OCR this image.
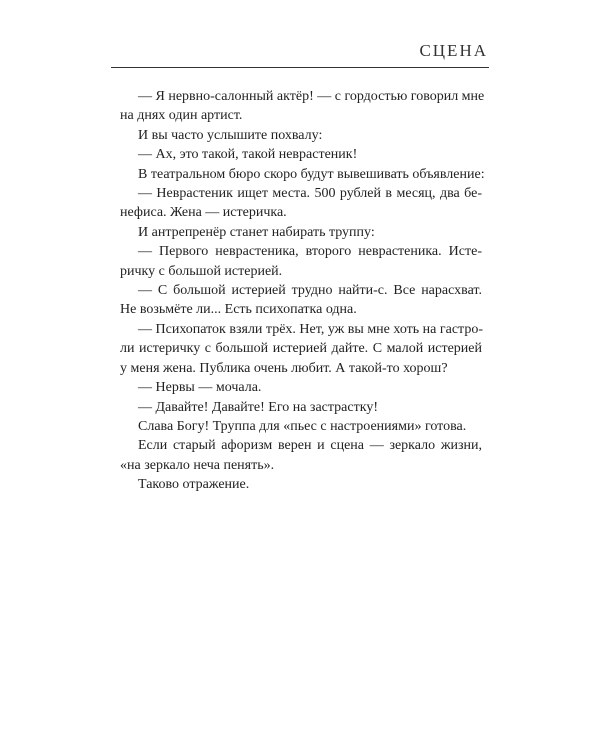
СЦЕНА
— Я нервно-салонный актёр! — с гордостью говорил мне
на днях один артист.
И вы часто услышите похвалу:
— Ах, это такой, такой неврастеник!
В театральном бюро скоро будут вывешивать объявление:
— Неврастеник ищет места. 500 рублей в месяц, два бе-
нефиса. Жена — истеричка.
И антрепренёр станет набирать труппу:
— Первого неврастеника, второго неврастеника. Исте-
ричку с большой истерией.
— С большой истерией трудно найти-с. Все нарасхват.
Не возьмёте ли... Есть психопатка одна.
— Психопаток взяли трёх. Нет, уж вы мне хоть на гастро-
ли истеричку с большой истерией дайте. С малой истерией
у меня жена. Публика очень любит. А такой-то хорош?
— Нервы — мочала.
— Давайте! Давайте! Его на застрастку!
Слава Богу! Труппа для «пьес с настроениями» готова.
Если старый афоризм верен и сцена — зеркало жизни,
«на зеркало неча пенять».
Таково отражение.
